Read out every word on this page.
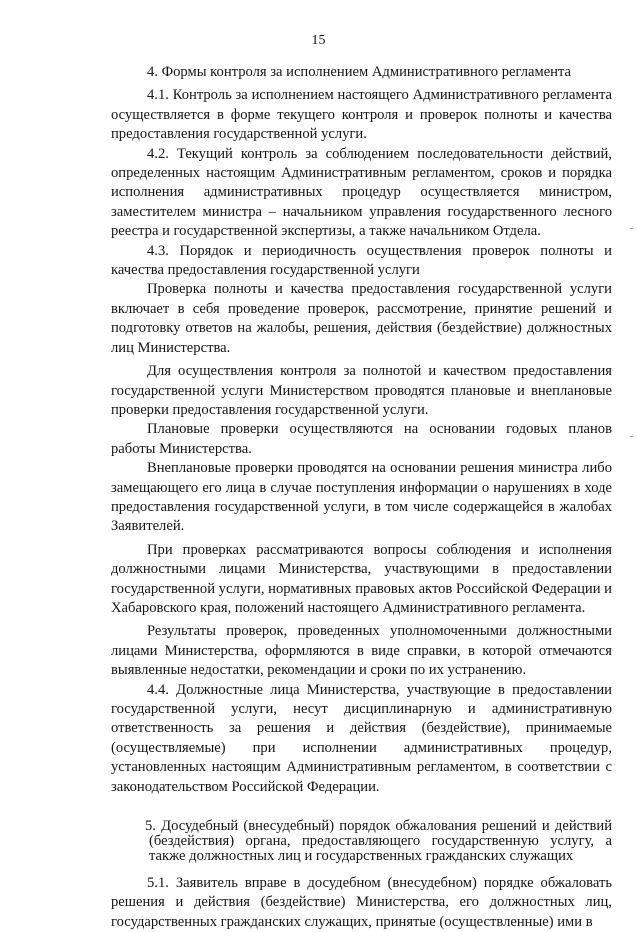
15

4. Формы контроля за исполнением Административного регламента

4.1. Контроль за исполнением настоящего Административного регламента осуществляется в форме текущего контроля и проверок полноты и качества предоставления государственной услуги.

4.2. Текущий контроль за соблюдением последовательности действий, определенных настоящим Административным регламентом, сроков и порядка исполнения административных процедур осуществляется министром, заместителем министра – начальником управления государственного лесного реестра и государственной экспертизы, а также начальником Отдела.

4.3. Порядок и периодичность осуществления проверок полноты и качества предоставления государственной услуги

Проверка полноты и качества предоставления государственной услуги включает в себя проведение проверок, рассмотрение, принятие решений и подготовку ответов на жалобы, решения, действия (бездействие) должностных лиц Министерства.

Для осуществления контроля за полнотой и качеством предоставления государственной услуги Министерством проводятся плановые и внеплановые проверки предоставления государственной услуги.

Плановые проверки осуществляются на основании годовых планов работы Министерства.

Внеплановые проверки проводятся на основании решения министра либо замещающего его лица в случае поступления информации о нарушениях в ходе предоставления государственной услуги, в том числе содержащейся в жалобах Заявителей.

При проверках рассматриваются вопросы соблюдения и исполнения должностными лицами Министерства, участвующими в предоставлении государственной услуги, нормативных правовых актов Российской Федерации и Хабаровского края, положений настоящего Административного регламента.

Результаты проверок, проведенных уполномоченными должностными лицами Министерства, оформляются в виде справки, в которой отмечаются выявленные недостатки, рекомендации и сроки по их устранению.

4.4. Должностные лица Министерства, участвующие в предоставлении государственной услуги, несут дисциплинарную и административную ответственность за решения и действия (бездействие), принимаемые (осуществляемые) при исполнении административных процедур, установленных настоящим Административным регламентом, в соответствии с законодательством Российской Федерации.

5. Досудебный (внесудебный) порядок обжалования решений и действий (бездействия) органа, предоставляющего государственную услугу, а также должностных лиц и государственных гражданских служащих

5.1. Заявитель вправе в досудебном (внесудебном) порядке обжаловать решения и действия (бездействие) Министерства, его должностных лиц, государственных гражданских служащих, принятые (осуществленные) ими в
